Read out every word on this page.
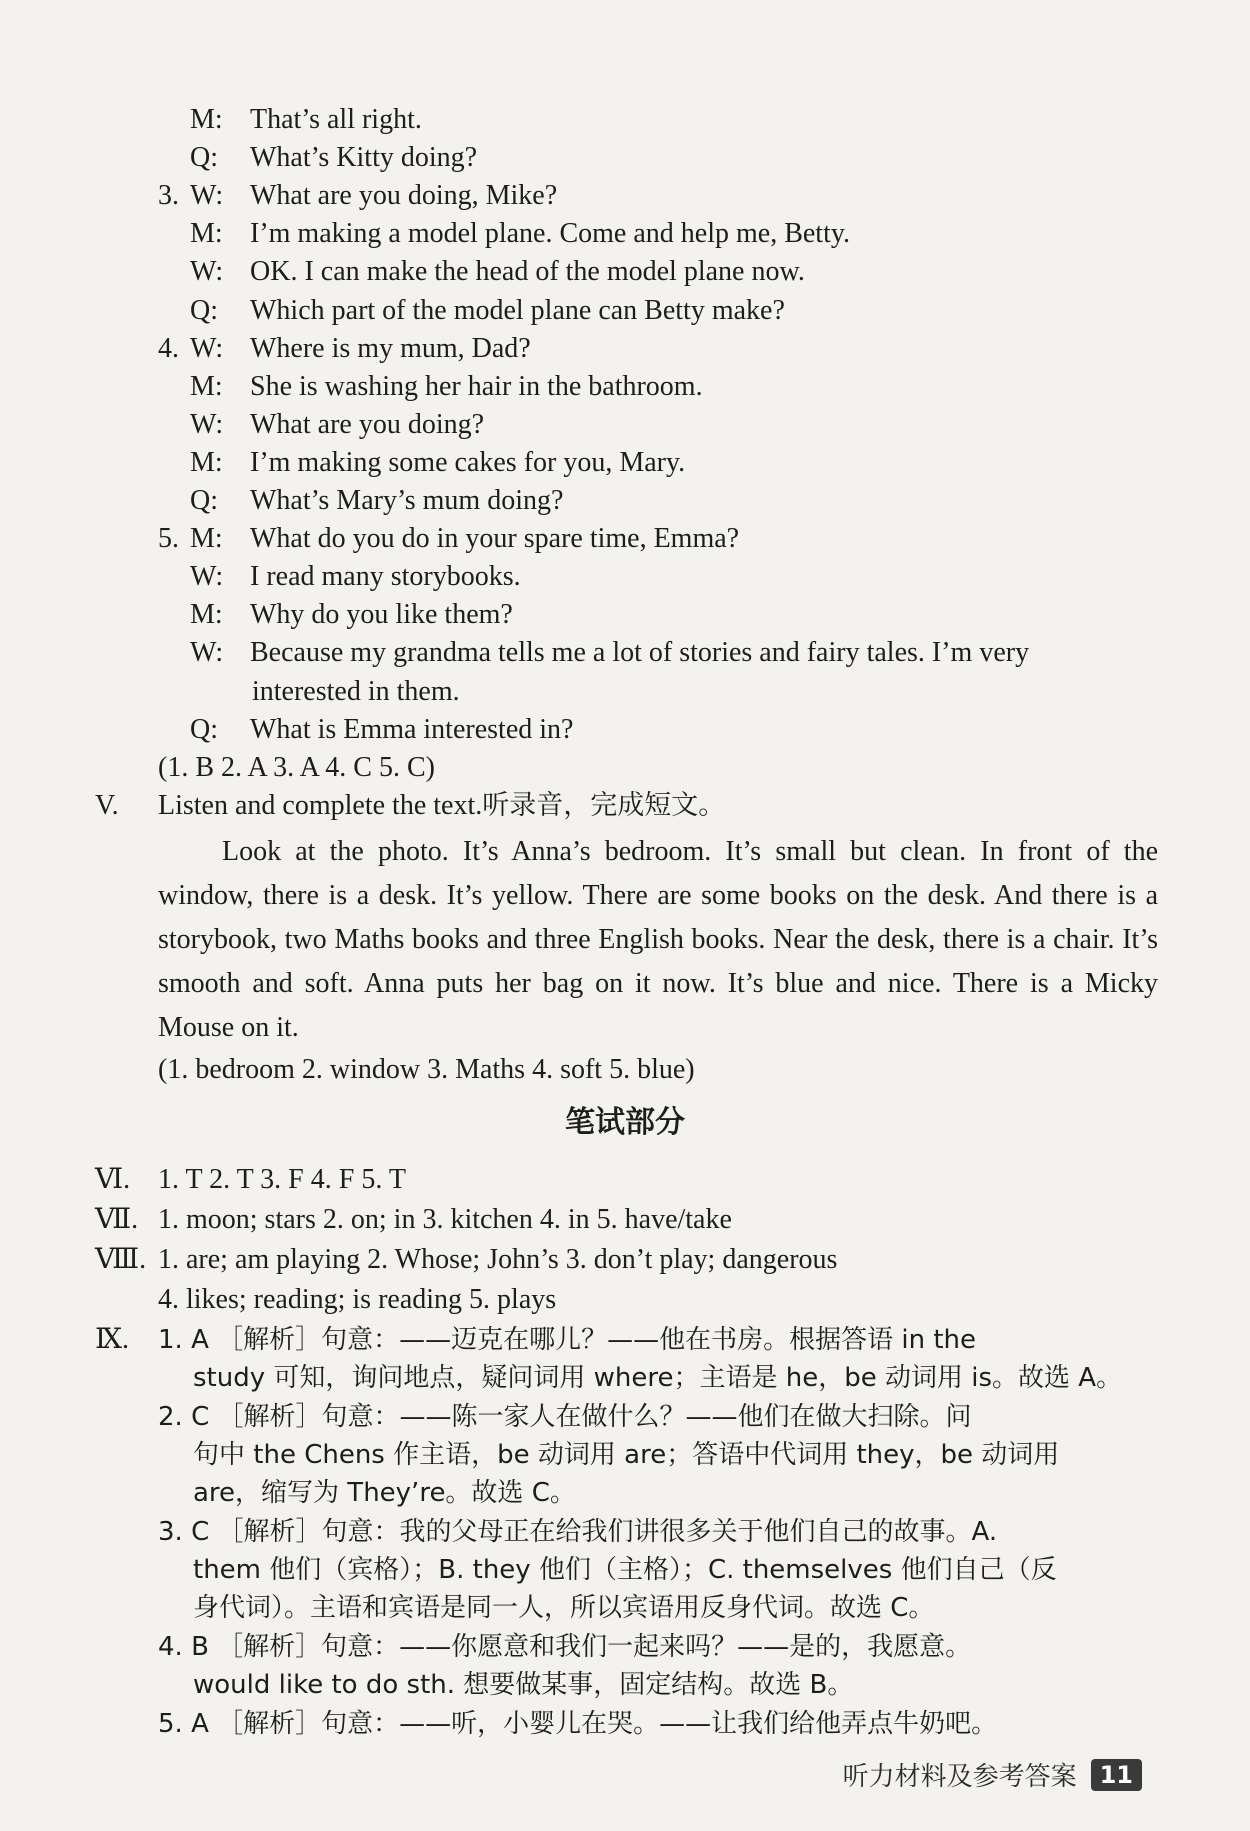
M: That’s all right.
Q: What’s Kitty doing?
3. W: What are you doing, Mike?
M: I’m making a model plane. Come and help me, Betty.
W: OK. I can make the head of the model plane now.
Q: Which part of the model plane can Betty make?
4. W: Where is my mum, Dad?
M: She is washing her hair in the bathroom.
W: What are you doing?
M: I’m making some cakes for you, Mary.
Q: What’s Mary’s mum doing?
5. M: What do you do in your spare time, Emma?
W: I read many storybooks.
M: Why do you like them?
W: Because my grandma tells me a lot of stories and fairy tales. I’m very
interested in them.
Q: What is Emma interested in?
(1. B 2. A 3. A 4. C 5. C)
V. Listen and complete the text.听录音，完成短文。

Look at the photo. It’s Anna’s bedroom. It’s small but clean. In front of the window, there is a desk. It’s yellow. There are some books on the desk. And there is a storybook, two Maths books and three English books. Near the desk, there is a chair. It’s smooth and soft. Anna puts her bag on it now. It’s blue and nice. There is a Micky Mouse on it.

(1. bedroom 2. window 3. Maths 4. soft 5. blue)
笔试部分
Ⅵ. 1. T 2. T 3. F 4. F 5. T
Ⅶ. 1. moon; stars 2. on; in 3. kitchen 4. in 5. have/take
Ⅷ. 1. are; am playing 2. Whose; John’s 3. don’t play; dangerous
4. likes; reading; is reading 5. plays
Ⅸ. 1. A ［解析］句意：——迈克在哪儿？——他在书房。根据答语 in the
study 可知，询问地点，疑问词用 where；主语是 he，be 动词用 is。故选 A。
2. C ［解析］句意：——陈一家人在做什么？——他们在做大扫除。问
句中 the Chens 作主语，be 动词用 are；答语中代词用 they，be 动词用
are，缩写为 They’re。故选 C。
3. C ［解析］句意：我的父母正在给我们讲很多关于他们自己的故事。A.
them 他们（宾格）；B. they 他们（主格）；C. themselves 他们自己（反
身代词）。主语和宾语是同一人，所以宾语用反身代词。故选 C。
4. B ［解析］句意：——你愿意和我们一起来吗？——是的，我愿意。
would like to do sth. 想要做某事，固定结构。故选 B。
5. A ［解析］句意：——听，小婴儿在哭。——让我们给他弄点牛奶吧。
听力材料及参考答案 11
